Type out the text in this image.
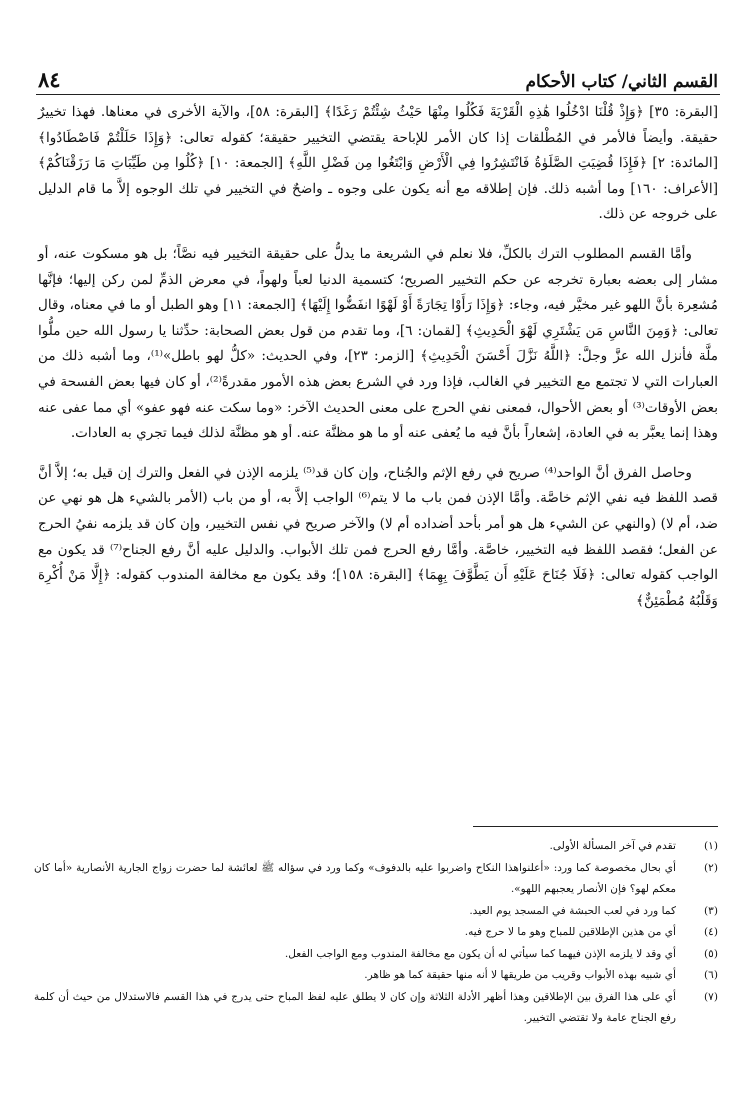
القسم الثاني/ كتاب الأحكام
٨٤

[البقرة: ٣٥] ﴿وَإِذْ قُلْنَا ادْخُلُوا هَٰذِهِ الْقَرْيَةَ فَكُلُوا مِنْهَا حَيْثُ شِئْتُمْ رَغَدًا﴾ [البقرة: ٥٨]، والآية الأخرى في معناها. فهذا تخييرٌ حقيقة. وأيضاً فالأمر في المُطْلقات إذا كان الأمر للإباحة يقتضي التخيير حقيقة؛ كقوله تعالى: ﴿وَإِذَا حَلَلْتُمْ فَاصْطَادُوا﴾ [المائدة: ٢] ﴿فَإِذَا قُضِيَتِ الصَّلَوٰةُ فَانْتَشِرُوا فِي الْأَرْضِ وَابْتَغُوا مِن فَضْلِ اللَّهِ﴾ [الجمعة: ١٠] ﴿كُلُوا مِن طَيِّبَاتِ مَا رَزَقْنَاكُمْ﴾ [الأعراف: ١٦٠] وما أشبه ذلك. فإن إطلاقه مع أنه يكون على وجوه ـ واضحٌ في التخيير في تلك الوجوه إلاَّ ما قام الدليل على خروجه عن ذلك.

وأمَّا القسم المطلوب الترك بالكلِّ، فلا نعلم في الشريعة ما يدلُّ على حقيقة التخيير فيه نصَّاً؛ بل هو مسكوت عنه، أو مشار إلى بعضه بعبارة تخرجه عن حكم التخيير الصريح؛ كتسمية الدنيا لعباً ولهواً، في معرض الذمِّ لمن ركن إليها؛ فإنَّها مُشعِرة بأنَّ اللهو غير مخيَّر فيه، وجاء: ﴿وَإِذَا رَأَوْا تِجَارَةً أَوْ لَهْوًا انفَضُّوا إِلَيْهَا﴾ [الجمعة: ١١] وهو الطبل أو ما في معناه، وقال تعالى: ﴿وَمِنَ النَّاسِ مَن يَشْتَرِي لَهْوَ الْحَدِيثِ﴾ [لقمان: ٦]، وما تقدم من قول بعض الصحابة: حدِّثنا يا رسول الله حين ملُّوا ملَّة فأنزل الله عزَّ وجلَّ: ﴿اللَّهُ نَزَّلَ أَحْسَنَ الْحَدِيثِ﴾ [الزمر: ٢٣]، وفي الحديث: «كلُّ لهو باطل»⁽¹⁾، وما أشبه ذلك من العبارات التي لا تجتمع مع التخيير في الغالب، فإذا ورد في الشرع بعض هذه الأمور مقدرةً⁽²⁾، أو كان فيها بعض الفسحة في بعض الأوقات⁽³⁾ أو بعض الأحوال، فمعنى نفي الحرج على معنى الحديث الآخر: «وما سكت عنه فهو عفو» أي مما عفى عنه وهذا إنما يعبَّر به في العادة، إشعاراً بأنَّ فيه ما يُعفى عنه أو ما هو مظنَّة عنه. أو هو مظنَّة لذلك فيما تجري به العادات.

وحاصل الفرق أنَّ الواحد⁽⁴⁾ صريح في رفع الإثم والجُناح، وإن كان قد⁽⁵⁾ يلزمه الإذن في الفعل والترك إن قيل به؛ إلاَّ أنَّ قصد اللفظ فيه نفي الإثم خاصَّة. وأمَّا الإذن فمن باب ما لا يتم⁽⁶⁾ الواجب إلاَّ به، أو من باب (الأمر بالشيء هل هو نهي عن ضد، أم لا) (والنهي عن الشيء هل هو أمر بأحد أضداده أم لا) والآخر صريح في نفس التخيير، وإن كان قد يلزمه نفيُ الحرج عن الفعل؛ فقصد اللفظ فيه التخيير، خاصَّة. وأمَّا رفع الحرج فمن تلك الأبواب. والدليل عليه أنَّ رفع الجناح⁽⁷⁾ قد يكون مع الواجب كقوله تعالى: ﴿فَلَا جُنَاحَ عَلَيْهِ أَن يَطَّوَّفَ بِهِمَا﴾ [البقرة: ١٥٨]؛ وقد يكون مع مخالفة المندوب كقوله: ﴿إِلَّا مَنْ أُكْرِهَ وَقَلْبُهُ مُطْمَئِنٌّ﴾

(١)
تقدم في آخر المسألة الأولى.
(٢)
أي بحال مخصوصة كما ورد: «أعلنواهذا النكاح واضربوا عليه بالدفوف» وكما ورد في سؤاله ﷺ لعائشة لما حضرت زواج الجارية الأنصارية «أما كان معكم لهو؟ فإن الأنصار يعجبهم اللهو».
(٣)
كما ورد في لعب الحبشة في المسجد يوم العيد.
(٤)
أي من هذين الإطلاقين للمباح وهو ما لا حرج فيه.
(٥)
أي وقد لا يلزمه الإذن فيهما كما سيأتي له أن يكون مع مخالفة المندوب ومع الواجب الفعل.
(٦)
أي شبيه بهذه الأبواب وقريب من طريقها لا أنه منها حقيقة كما هو ظاهر.
(٧)
أي على هذا الفرق بين الإطلاقين وهذا أظهر الأدلة الثلاثة وإن كان لا يطلق عليه لفظ المباح حتى يدرج في هذا القسم فالاستدلال من حيث أن كلمة رفع الجناح عامة ولا تقتضي التخيير.
